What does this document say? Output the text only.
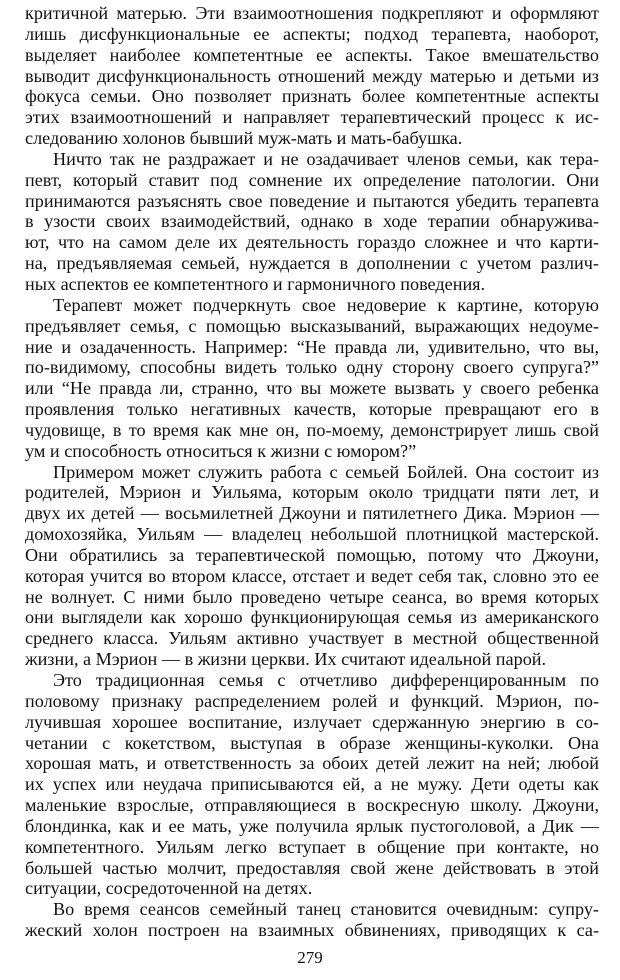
критичной матерью. Эти взаимоотношения подкрепляют и оформляют
лишь дисфункциональные ее аспекты; подход терапевта, наоборот,
выделяет наиболее компетентные ее аспекты. Такое вмешательство
выводит дисфункциональность отношений между матерью и детьми из
фокуса семьи. Оно позволяет признать более компетентные аспекты
этих взаимоотношений и направляет терапевтический процесс к ис-
следованию холонов бывший муж-мать и мать-бабушка.
Ничто так не раздражает и не озадачивает членов семьи, как тера-
певт, который ставит под сомнение их определение патологии. Они
принимаются разъяснять свое поведение и пытаются убедить терапевта
в узости своих взаимодействий, однако в ходе терапии обнаружива-
ют, что на самом деле их деятельность гораздо сложнее и что карти-
на, предъявляемая семьей, нуждается в дополнении с учетом различ-
ных аспектов ее компетентного и гармоничного поведения.
Терапевт может подчеркнуть свое недоверие к картине, которую
предъявляет семья, с помощью высказываний, выражающих недоуме-
ние и озадаченность. Например: “Не правда ли, удивительно, что вы,
по-видимому, способны видеть только одну сторону своего супруга?”
или “Не правда ли, странно, что вы можете вызвать у своего ребенка
проявления только негативных качеств, которые превращают его в
чудовище, в то время как мне он, по-моему, демонстрирует лишь свой
ум и способность относиться к жизни с юмором?”
Примером может служить работа с семьей Бойлей. Она состоит из
родителей, Мэрион и Уильяма, которым около тридцати пяти лет, и
двух их детей — восьмилетней Джоуни и пятилетнего Дика. Мэрион —
домохозяйка, Уильям — владелец небольшой плотницкой мастерской.
Они обратились за терапевтической помощью, потому что Джоуни,
которая учится во втором классе, отстает и ведет себя так, словно это ее
не волнует. С ними было проведено четыре сеанса, во время которых
они выглядели как хорошо функционирующая семья из американского
среднего класса. Уильям активно участвует в местной общественной
жизни, а Мэрион — в жизни церкви. Их считают идеальной парой.
Это традиционная семья с отчетливо дифференцированным по
половому признаку распределением ролей и функций. Мэрион, по-
лучившая хорошее воспитание, излучает сдержанную энергию в со-
четании с кокетством, выступая в образе женщины-куколки. Она
хорошая мать, и ответственность за обоих детей лежит на ней; любой
их успех или неудача приписываются ей, а не мужу. Дети одеты как
маленькие взрослые, отправляющиеся в воскресную школу. Джоуни,
блондинка, как и ее мать, уже получила ярлык пустоголовой, а Дик —
компетентного. Уильям легко вступает в общение при контакте, но
большей частью молчит, предоставляя свой жене действовать в этой
ситуации, сосредоточенной на детях.
Во время сеансов семейный танец становится очевидным: супру-
жеский холон построен на взаимных обвинениях, приводящих к са-
279
